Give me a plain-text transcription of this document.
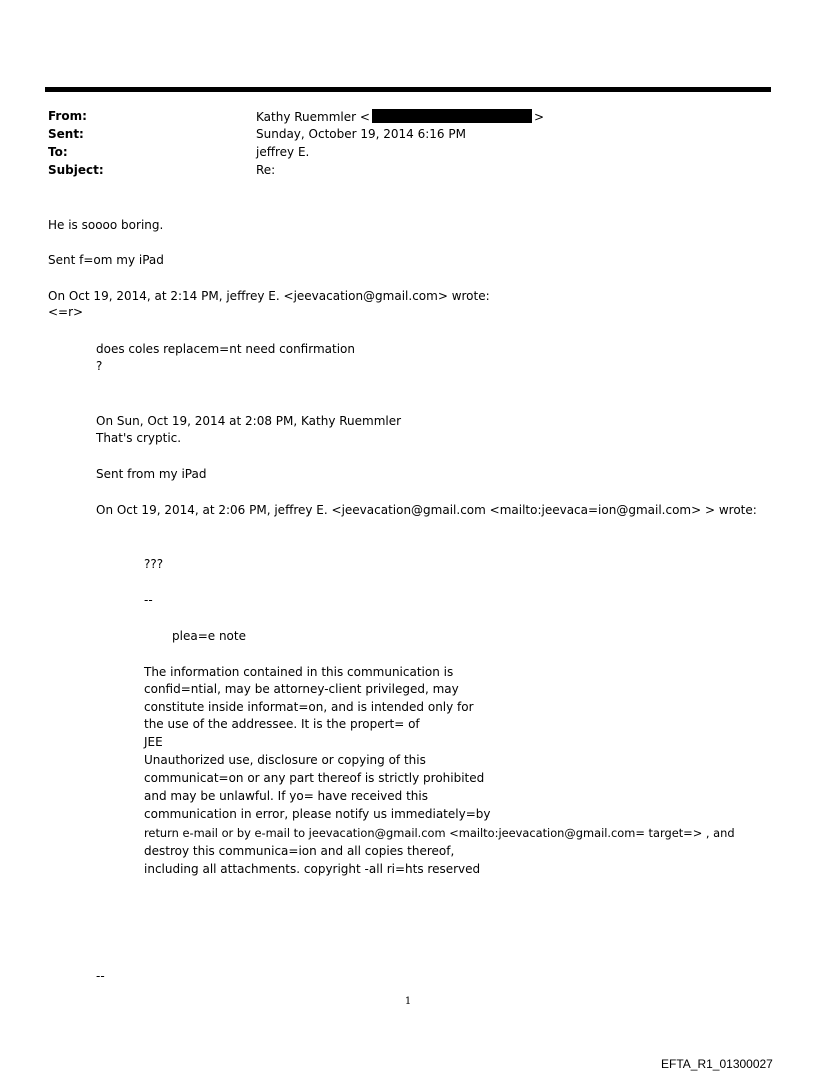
From:	Kathy Ruemmler <	>
Sent:	Sunday, October 19, 2014 6:16 PM
To:	jeffrey E.
Subject:	Re:
He is soooo boring.
Sent f=om my iPad
On Oct 19, 2014, at 2:14 PM, jeffrey E. <jeevacation@gmail.com> wrote:
<=r>
does coles replacem=nt need confirmation
?
On Sun, Oct 19, 2014 at 2:08 PM, Kathy Ruemmler
That's cryptic.
Sent from my iPad
On Oct 19, 2014, at 2:06 PM, jeffrey E. <jeevacation@gmail.com <mailto:jeevaca=ion@gmail.com> > wrote:
???
--
plea=e note
The information contained in this communication is
confid=ntial, may be attorney-client privileged, may
constitute inside informat=on, and is intended only for
the use of the addressee. It is the propert= of
JEE
Unauthorized use, disclosure or copying of this
communicat=on or any part thereof is strictly prohibited
and may be unlawful. If yo= have received this
communication in error, please notify us immediately=by
return e-mail or by e-mail to jeevacation@gmail.com <mailto:jeevacation@gmail.com= target=> , and
destroy this communica=ion and all copies thereof,
including all attachments. copyright -all ri=hts reserved
--
1
EFTA_R1_01300027
